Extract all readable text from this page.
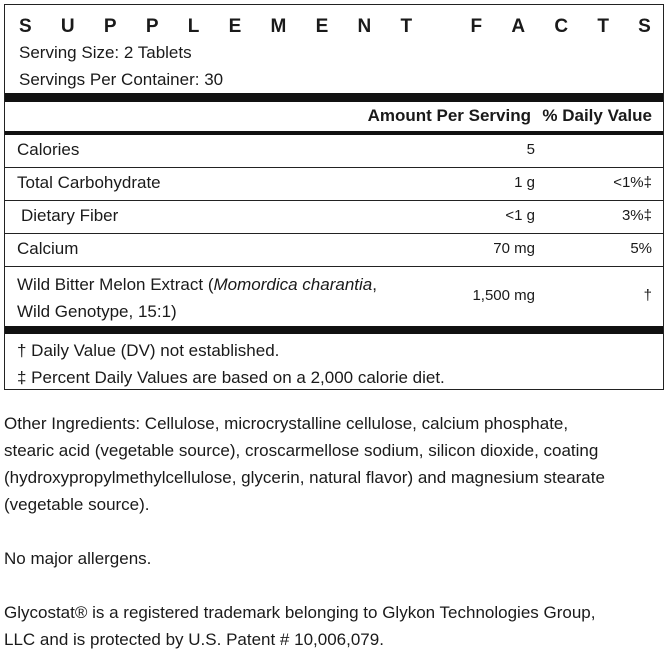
S U P P L E M E N T	F A C T S
Serving Size: 2 Tablets
Servings Per Container: 30
Amount Per Serving % Daily Value
Calories	5
Total Carbohydrate	1 g	<1%‡
Dietary Fiber	<1 g	3%‡
Calcium	70 mg	5%
Wild Bitter Melon Extract (Momordica charantia,
Wild Genotype, 15:1)
1,500 mg	†
† Daily Value (DV) not established.
‡ Percent Daily Values are based on a 2,000 calorie diet.
Other Ingredients: Cellulose, microcrystalline cellulose, calcium phosphate,
stearic acid (vegetable source), croscarmellose sodium, silicon dioxide, coating
(hydroxypropylmethylcellulose, glycerin, natural flavor) and magnesium stearate
(vegetable source).
No major allergens.
Glycostat® is a registered trademark belonging to Glykon Technologies Group,
LLC and is protected by U.S. Patent # 10,006,079.
